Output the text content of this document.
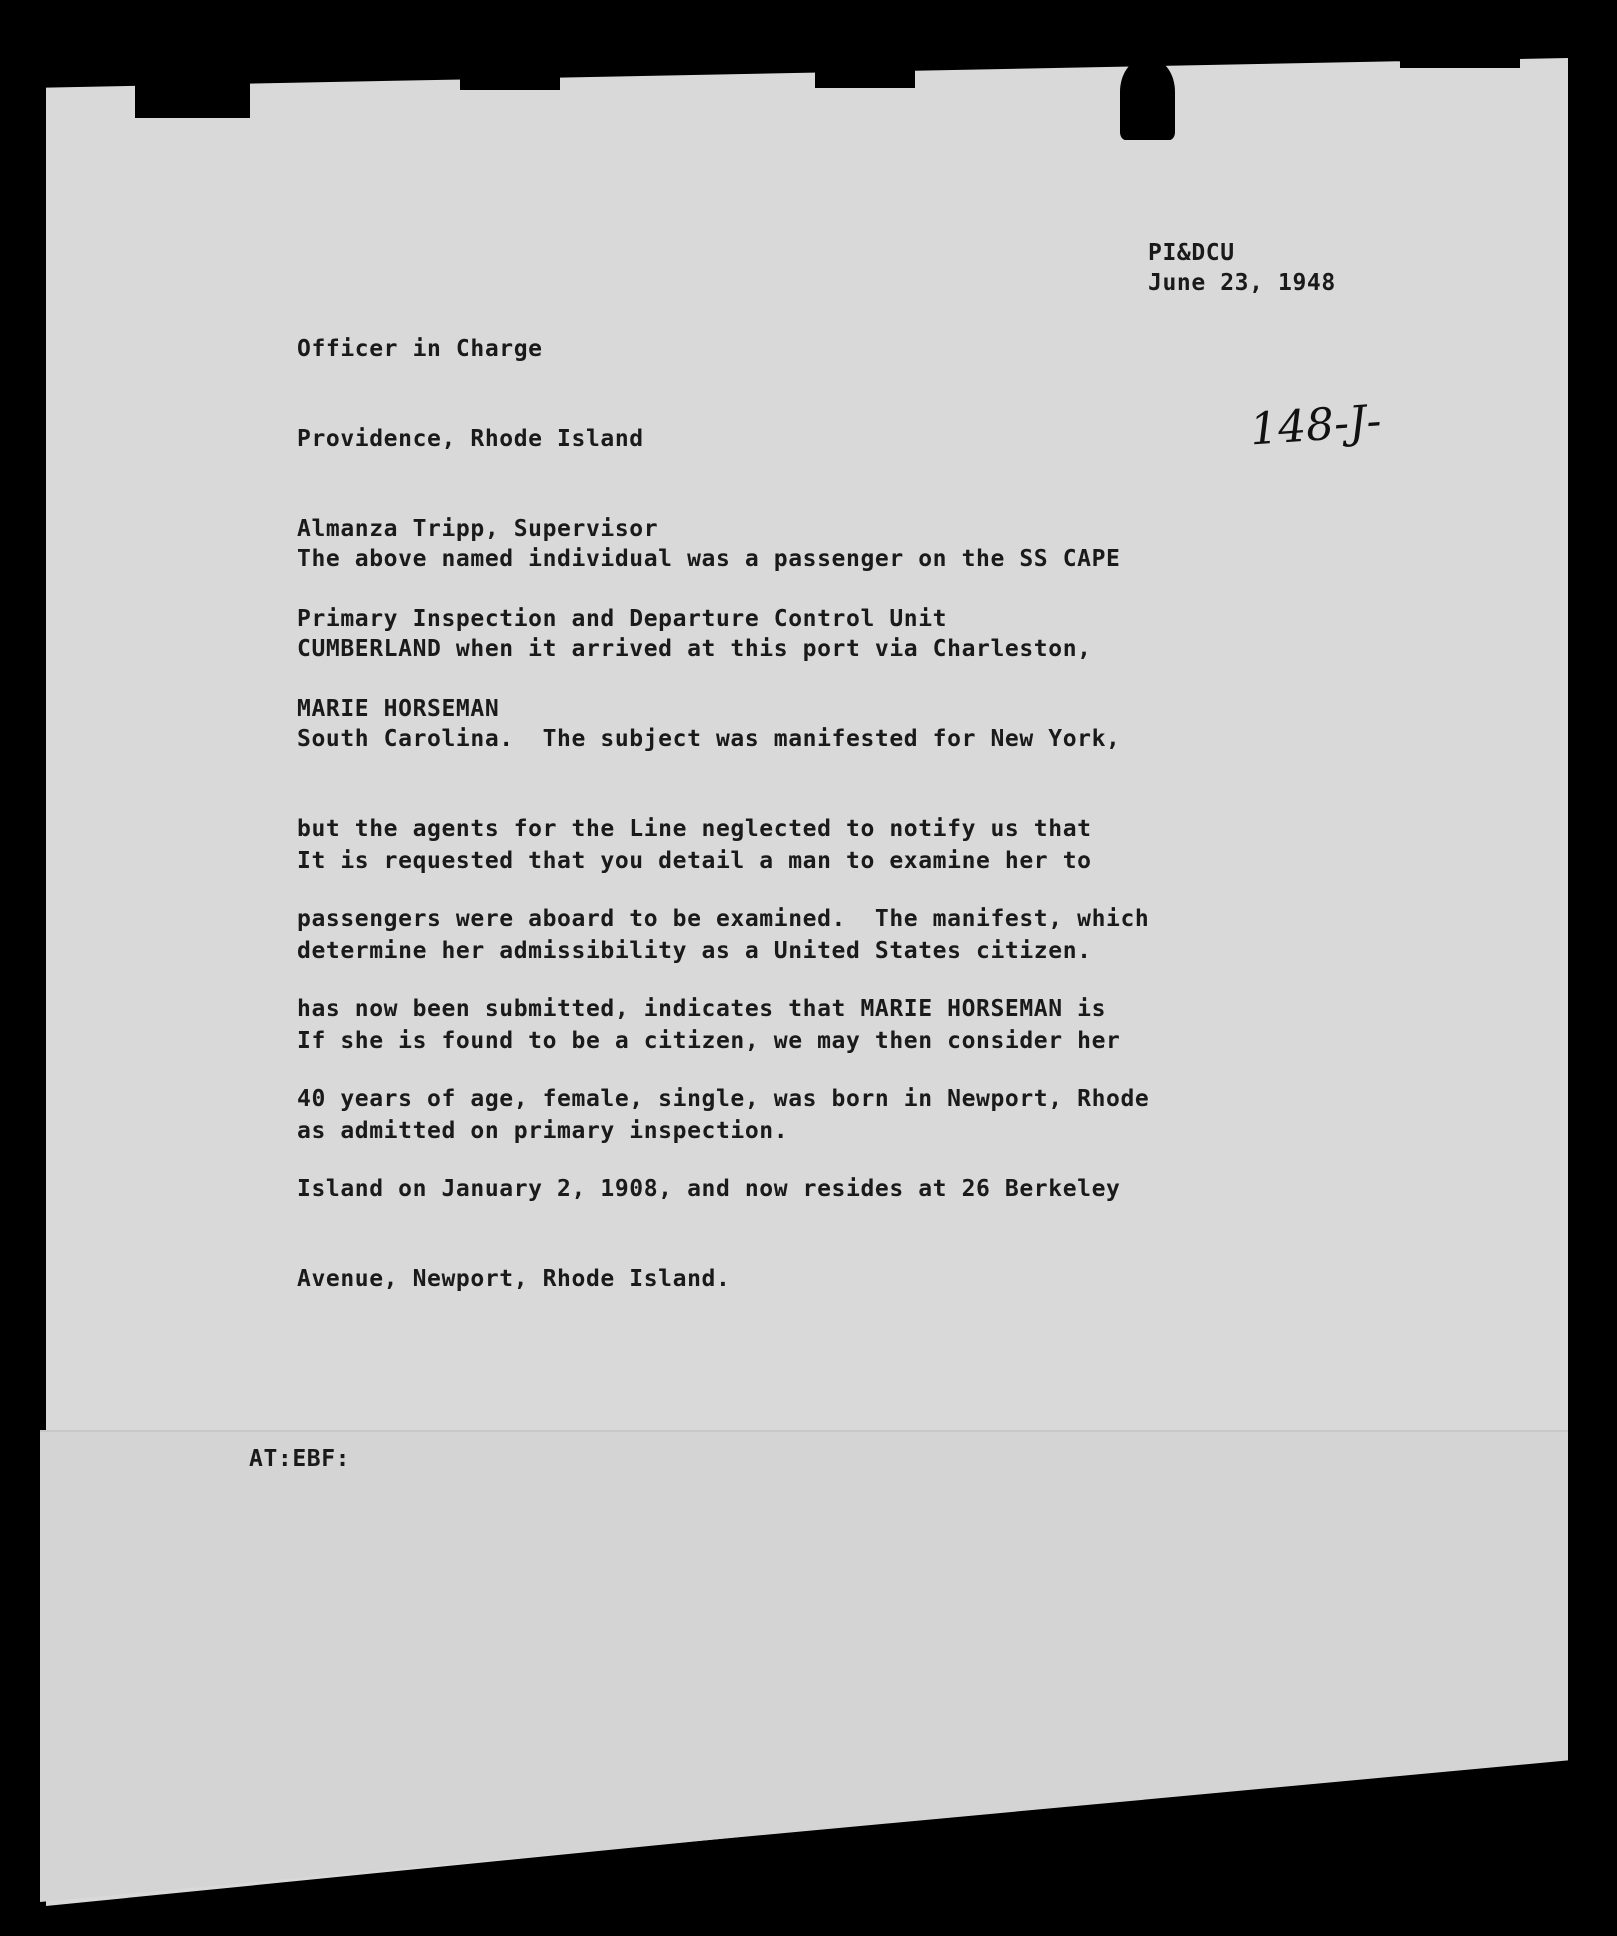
PI&DCU
June 23, 1948

Officer in Charge

Providence, Rhode Island

Almanza Tripp, Supervisor

Primary Inspection and Departure Control Unit

MARIE HORSEMAN

148-J-

The above named individual was a passenger on the SS CAPE

CUMBERLAND when it arrived at this port via Charleston,

South Carolina.  The subject was manifested for New York,

but the agents for the Line neglected to notify us that

passengers were aboard to be examined.  The manifest, which

has now been submitted, indicates that MARIE HORSEMAN is

40 years of age, female, single, was born in Newport, Rhode

Island on January 2, 1908, and now resides at 26 Berkeley

Avenue, Newport, Rhode Island.

It is requested that you detail a man to examine her to

determine her admissibility as a United States citizen.

If she is found to be a citizen, we may then consider her

as admitted on primary inspection.

AT:EBF:
